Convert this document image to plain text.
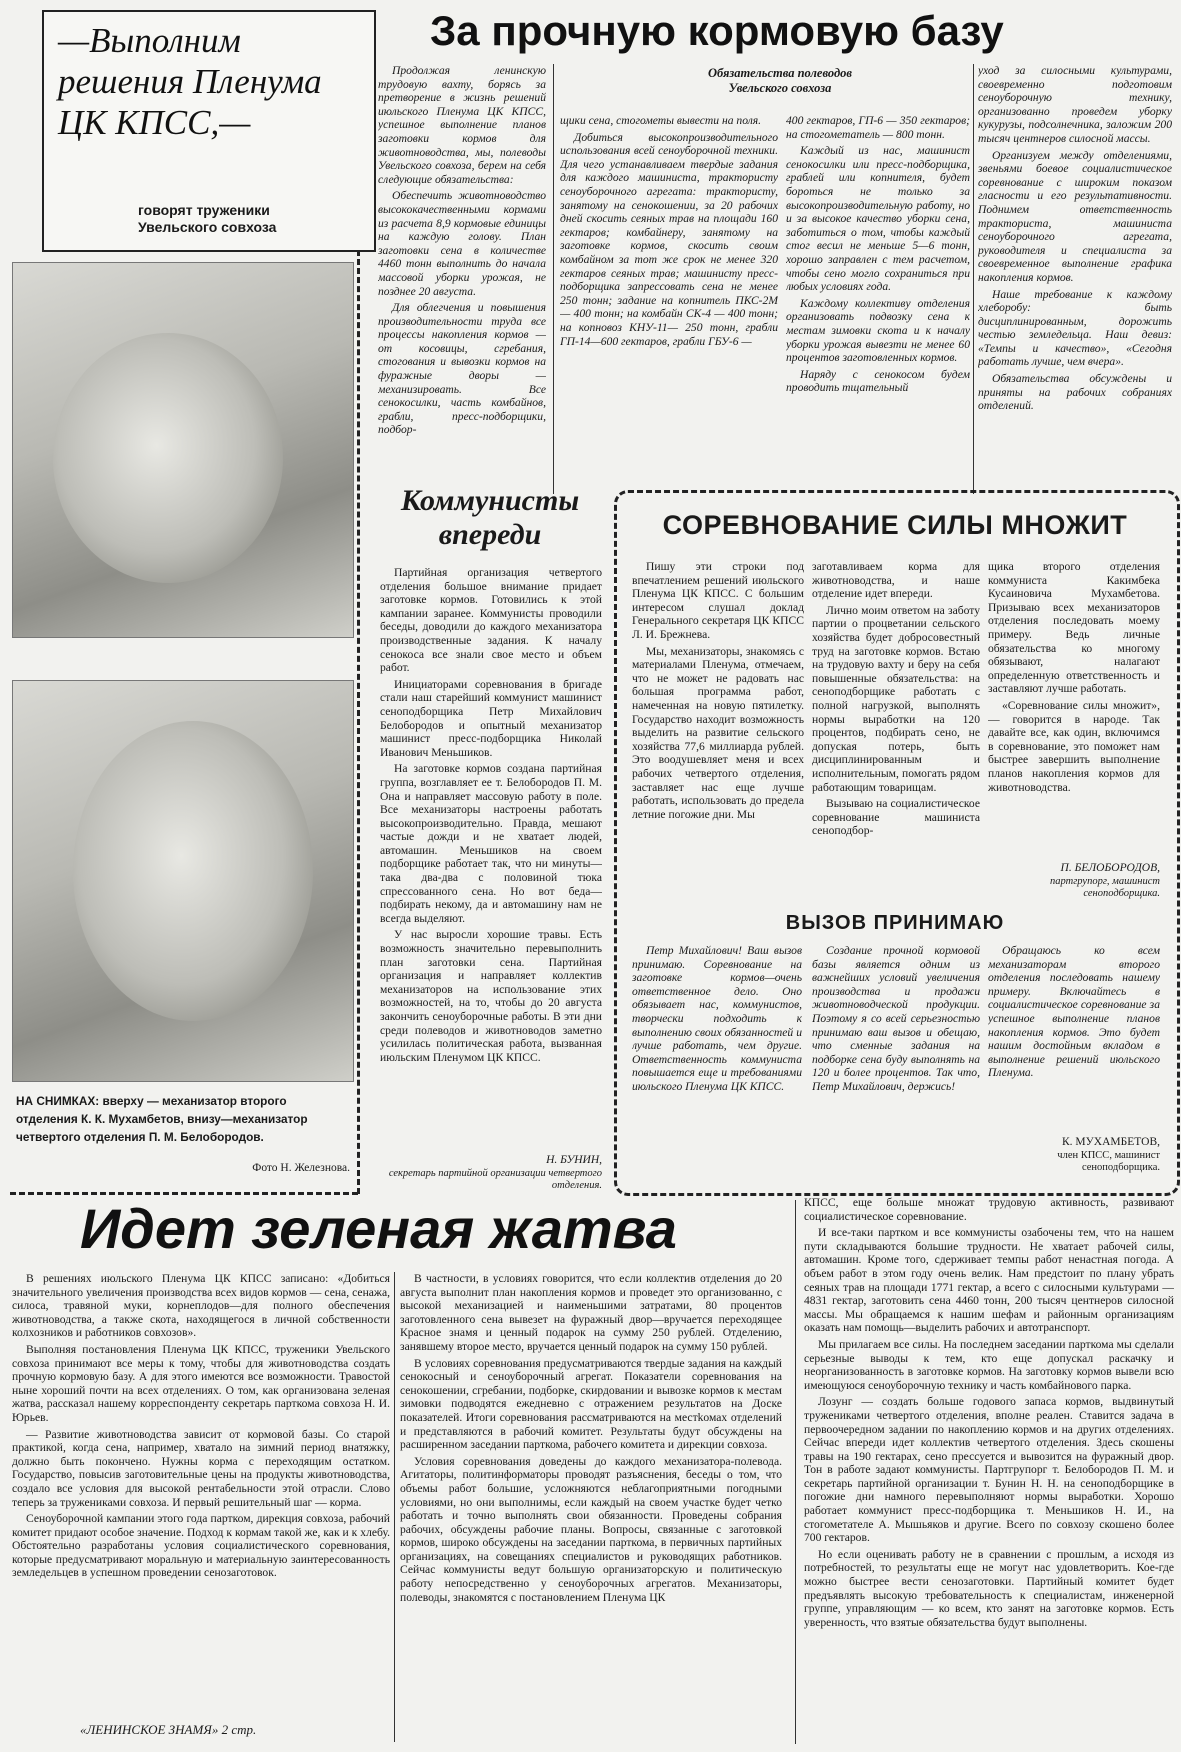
—Выполним решения Пленума ЦК КПСС,—
говорят труженики Увельского совхоза
НА СНИМКАХ: вверху — механизатор второго отделения К. К. Мухамбетов, внизу—механизатор четвертого отделения П. М. Белобородов.
Фото Н. Железнова.
За прочную кормовую базу
Обязательства полеводов Увельского совхоза

Продолжая ленинскую трудовую вахту, борясь за претворение в жизнь решений июльского Пленума ЦК КПСС, успешное выполнение планов заготовки кормов для животноводства, мы, полеводы Увельского совхоза, берем на себя следующие обязательства:

Обеспечить животноводство высококачественными кормами из расчета 8,9 кормовые единицы на каждую голову. План заготовки сена в количестве 4460 тонн выполнить до начала массовой уборки урожая, не позднее 20 августа.

Для облегчения и повышения производительности труда все процессы накопления кормов — от косовицы, сгребания, стогования и вывозки кормов на фуражные дворы — механизировать. Все сенокосилки, часть комбайнов, грабли, пресс-подборщики, подбор-

щики сена, стогометы вывести на поля.

Добиться высокопроизводительного использования всей сеноуборочной техники. Для чего устанавливаем твердые задания для каждого машиниста, трактористу сеноуборочного агрегата: трактористу, занятому на сенокошении, за 20 рабочих дней скосить сеяных трав на площади 160 гектаров; комбайнеру, занятому на заготовке кормов, скосить своим комбайном за тот же срок не менее 320 гектаров сеяных трав; машинисту пресс-подборщика запрессовать сена не менее 250 тонн; задание на копнитель ПКС-2М — 400 тонн; на комбайн СК-4 — 400 тонн; на копновоз КНУ-11— 250 тонн, грабли ГП-14—600 гектаров, грабли ГБУ-6 —

400 гектаров, ГП-6 — 350 гектаров; на стогометатель — 800 тонн.

Каждый из нас, машинист сенокосилки или пресс-подборщика, граблей или копнителя, будет бороться не только за высокопроизводительную работу, но и за высокое качество уборки сена, заботиться о том, чтобы каждый стог весил не меньше 5—6 тонн, хорошо заправлен с тем расчетом, чтобы сено могло сохраниться при любых условиях года.

Каждому коллективу отделения организовать подвозку сена к местам зимовки скота и к началу уборки урожая вывезти не менее 60 процентов заготовленных кормов.

Наряду с сенокосом будем проводить тщательный

уход за силосными культурами, своевременно подготовим сеноуборочную технику, организованно проведем уборку кукурузы, подсолнечника, заложим 200 тысяч центнеров силосной массы.

Организуем между отделениями, звеньями боевое социалистическое соревнование с широким показом гласности и его результативности. Поднимем ответственность тракториста, машиниста сеноуборочного агрегата, руководителя и специалиста за своевременное выполнение графика накопления кормов.

Наше требование к каждому хлеборобу: быть дисциплинированным, дорожить честью земледельца. Наш девиз: «Темпы и качество», «Сегодня работать лучше, чем вчера».

Обязательства обсуждены и приняты на рабочих собраниях отделений.

Коммунисты впереди

Партийная организация четвертого отделения большое внимание придает заготовке кормов. Готовились к этой кампании заранее. Коммунисты проводили беседы, доводили до каждого механизатора производственные задания. К началу сенокоса все знали свое место и объем работ.

Инициаторами соревнования в бригаде стали наш старейший коммунист машинист сеноподборщика Петр Михайлович Белобородов и опытный механизатор машинист пресс-подборщика Николай Иванович Меньшиков.

На заготовке кормов создана партийная группа, возглавляет ее т. Белобородов П. М. Она и направляет массовую работу в поле. Все механизаторы настроены работать высокопроизводительно. Правда, мешают частые дожди и не хватает людей, автомашин. Меньшиков на своем подборщике работает так, что ни минуты—така два-два с половиной тюка спрессованного сена. Но вот беда—подбирать некому, да и автомашину нам не всегда выделяют.

У нас выросли хорошие травы. Есть возможность значительно перевыполнить план заготовки сена. Партийная организация и направляет коллектив механизаторов на использование этих возможностей, на то, чтобы до 20 августа закончить сеноуборочные работы. В эти дни среди полеводов и животноводов заметно усилилась политическая работа, вызванная июльским Пленумом ЦК КПСС.

Н. БУНИН,
секретарь партийной организации четвертого отделения.
СОРЕВНОВАНИЕ СИЛЫ МНОЖИТ

Пишу эти строки под впечатлением решений июльского Пленума ЦК КПСС. С большим интересом слушал доклад Генерального секретаря ЦК КПСС Л. И. Брежнева.

Мы, механизаторы, знакомясь с материалами Пленума, отмечаем, что не может не радовать нас большая программа работ, намеченная на новую пятилетку. Государство находит возможность выделить на развитие сельского хозяйства 77,6 миллиарда рублей. Это воодушевляет меня и всех рабочих четвертого отделения, заставляет нас еще лучше работать, использовать до предела летние погожие дни. Мы

заготавливаем корма для животноводства, и наше отделение идет впереди.

Лично моим ответом на заботу партии о процветании сельского хозяйства будет добросовестный труд на заготовке кормов. Встаю на трудовую вахту и беру на себя повышенные обязательства: на сеноподборщике работать с полной нагрузкой, выполнять нормы выработки на 120 процентов, подбирать сено, не допуская потерь, быть дисциплинированным и исполнительным, помогать рядом работающим товарищам.

Вызываю на социалистическое соревнование машиниста сеноподбор-

щика второго отделения коммуниста Какимбека Кусаиновича Мухамбетова. Призываю всех механизаторов отделения последовать моему примеру. Ведь личные обязательства ко многому обязывают, налагают определенную ответственность и заставляют лучше работать.

«Соревнование силы множит», — говорится в народе. Так давайте все, как один, включимся в соревнование, это поможет нам быстрее завершить выполнение планов накопления кормов для животноводства.

П. БЕЛОБОРОДОВ,
партгрупорг, машинист сеноподборщика.
ВЫЗОВ ПРИНИМАЮ

Петр Михайлович! Ваш вызов принимаю. Соревнование на заготовке кормов—очень ответственное дело. Оно обязывает нас, коммунистов, творчески подходить к выполнению своих обязанностей и лучше работать, чем другие. Ответственность коммуниста повышается еще и требованиями июльского Пленума ЦК КПСС.

Создание прочной кормовой базы является одним из важнейших условий увеличения производства и продажи животноводческой продукции. Поэтому я со всей серьезностью принимаю ваш вызов и обещаю, что сменные задания на подборке сена буду выполнять на 120 и более процентов. Так что, Петр Михайлович, держись!

Обращаюсь ко всем механизаторам второго отделения последовать нашему примеру. Включайтесь в социалистическое соревнование за успешное выполнение планов накопления кормов. Это будет нашим достойным вкладом в выполнение решений июльского Пленума.

К. МУХАМБЕТОВ,
член КПСС, машинист сеноподборщика.
Идет зеленая жатва

В решениях июльского Пленума ЦК КПСС записано: «Добиться значительного увеличения производства всех видов кормов — сена, сенажа, силоса, травяной муки, корнеплодов—для полного обеспечения животноводства, а также скота, находящегося в личной собственности колхозников и работников совхозов».

Выполняя постановления Пленума ЦК КПСС, труженики Увельского совхоза принимают все меры к тому, чтобы для животноводства создать прочную кормовую базу. А для этого имеются все возможности. Травостой ныне хороший почти на всех отделениях. О том, как организована зеленая жатва, рассказал нашему корреспонденту секретарь парткома совхоза Н. И. Юрьев.

— Развитие животноводства зависит от кормовой базы. Со старой практикой, когда сена, например, хватало на зимний период внатяжку, должно быть покончено. Нужны корма с переходящим остатком. Государство, повысив заготовительные цены на продукты животноводства, создало все условия для высокой рентабельности этой отрасли. Слово теперь за тружениками совхоза. И первый решительный шаг — корма.

Сеноуборочной кампании этого года партком, дирекция совхоза, рабочий комитет придают особое значение. Подход к кормам такой же, как и к хлебу. Обстоятельно разработаны условия социалистического соревнования, которые предусматривают моральную и материальную заинтересованность земледельцев в успешном проведении сенозаготовок.

В частности, в условиях говорится, что если коллектив отделения до 20 августа выполнит план накопления кормов и проведет это организованно, с высокой механизацией и наименьшими затратами, 80 процентов заготовленного сена вывезет на фуражный двор—вручается переходящее Красное знамя и ценный подарок на сумму 250 рублей. Отделению, занявшему второе место, вручается ценный подарок на сумму 150 рублей.

В условиях соревнования предусматриваются твердые задания на каждый сенокосный и сеноуборочный агрегат. Показатели соревнования на сенокошении, сгребании, подборке, скирдовании и вывозке кормов к местам зимовки подводятся ежедневно с отражением результатов на Доске показателей. Итоги соревнования рассматриваются на местkомах отделений и представляются в рабочий комитет. Результаты будут обсуждены на расширенном заседании парткома, рабочего комитета и дирекции совхоза.

Условия соревнования доведены до каждого механизатора-полевода. Агитаторы, политинформаторы проводят разъяснения, беседы о том, что объемы работ большие, усложняются неблагоприятными погодными условиями, но они выполнимы, если каждый на своем участке будет четко работать и точно выполнять свои обязанности. Проведены собрания рабочих, обсуждены рабочие планы. Вопросы, связанные с заготовкой кормов, широко обсуждены на заседании парткома, в первичных партийных организациях, на совещаниях специалистов и руководящих работников. Сейчас коммунисты ведут большую организаторскую и политическую работу непосредственно у сеноуборочных агрегатов. Механизаторы, полеводы, знакомятся с постановлением Пленума ЦК

КПСС, еще больше множат трудовую активность, развивают социалистическое соревнование.

И все-таки партком и все коммунисты озабочены тем, что на нашем пути складываются большие трудности. Не хватает рабочей силы, автомашин. Кроме того, сдерживает темпы работ ненастная погода. А объем работ в этом году очень велик. Нам предстоит по плану убрать сеяных трав на площади 1771 гектар, а всего с силосными культурами — 4831 гектар, заготовить сена 4460 тонн, 200 тысяч центнеров силосной массы. Мы обращаемся к нашим шефам и районным организациям оказать нам помощь—выделить рабочих и автотранспорт.

Мы прилагаем все силы. На последнем заседании парткома мы сделали серьезные выводы к тем, кто еще допускал раскачку и неорганизованность в заготовке кормов. На заготовку кормов вывели всю имеющуюся сеноуборочную технику и часть комбайнового парка.

Лозунг — создать больше годового запаса кормов, выдвинутый тружениками четвертого отделения, вполне реален. Ставится задача в первоочередном задании по накоплению кормов и на других отделениях. Сейчас впереди идет коллектив четвертого отделения. Здесь скошены травы на 190 гектарах, сено прессуется и вывозится на фуражный двор. Тон в работе задают коммунисты. Партгрупорг т. Белобородов П. М. и секретарь партийной организации т. Бунин Н. Н. на сеноподборщике в погожие дни намного перевыполняют нормы выработки. Хорошо работает коммунист пресс-подборщика т. Меньшиков Н. И., на стогометателе А. Мышьяков и другие. Всего по совхозу скошено более 700 гектаров.

Но если оценивать работу не в сравнении с прошлым, а исходя из потребностей, то результаты еще не могут нас удовлетворить. Кое-где можно быстрее вести сенозаготовки. Партийный комитет будет предъявлять высокую требовательность к специалистам, инженерной группе, управляющим — ко всем, кто занят на заготовке кормов. Есть уверенность, что взятые обязательства будут выполнены.

«ЛЕНИНСКОЕ ЗНАМЯ» 2 стр.
